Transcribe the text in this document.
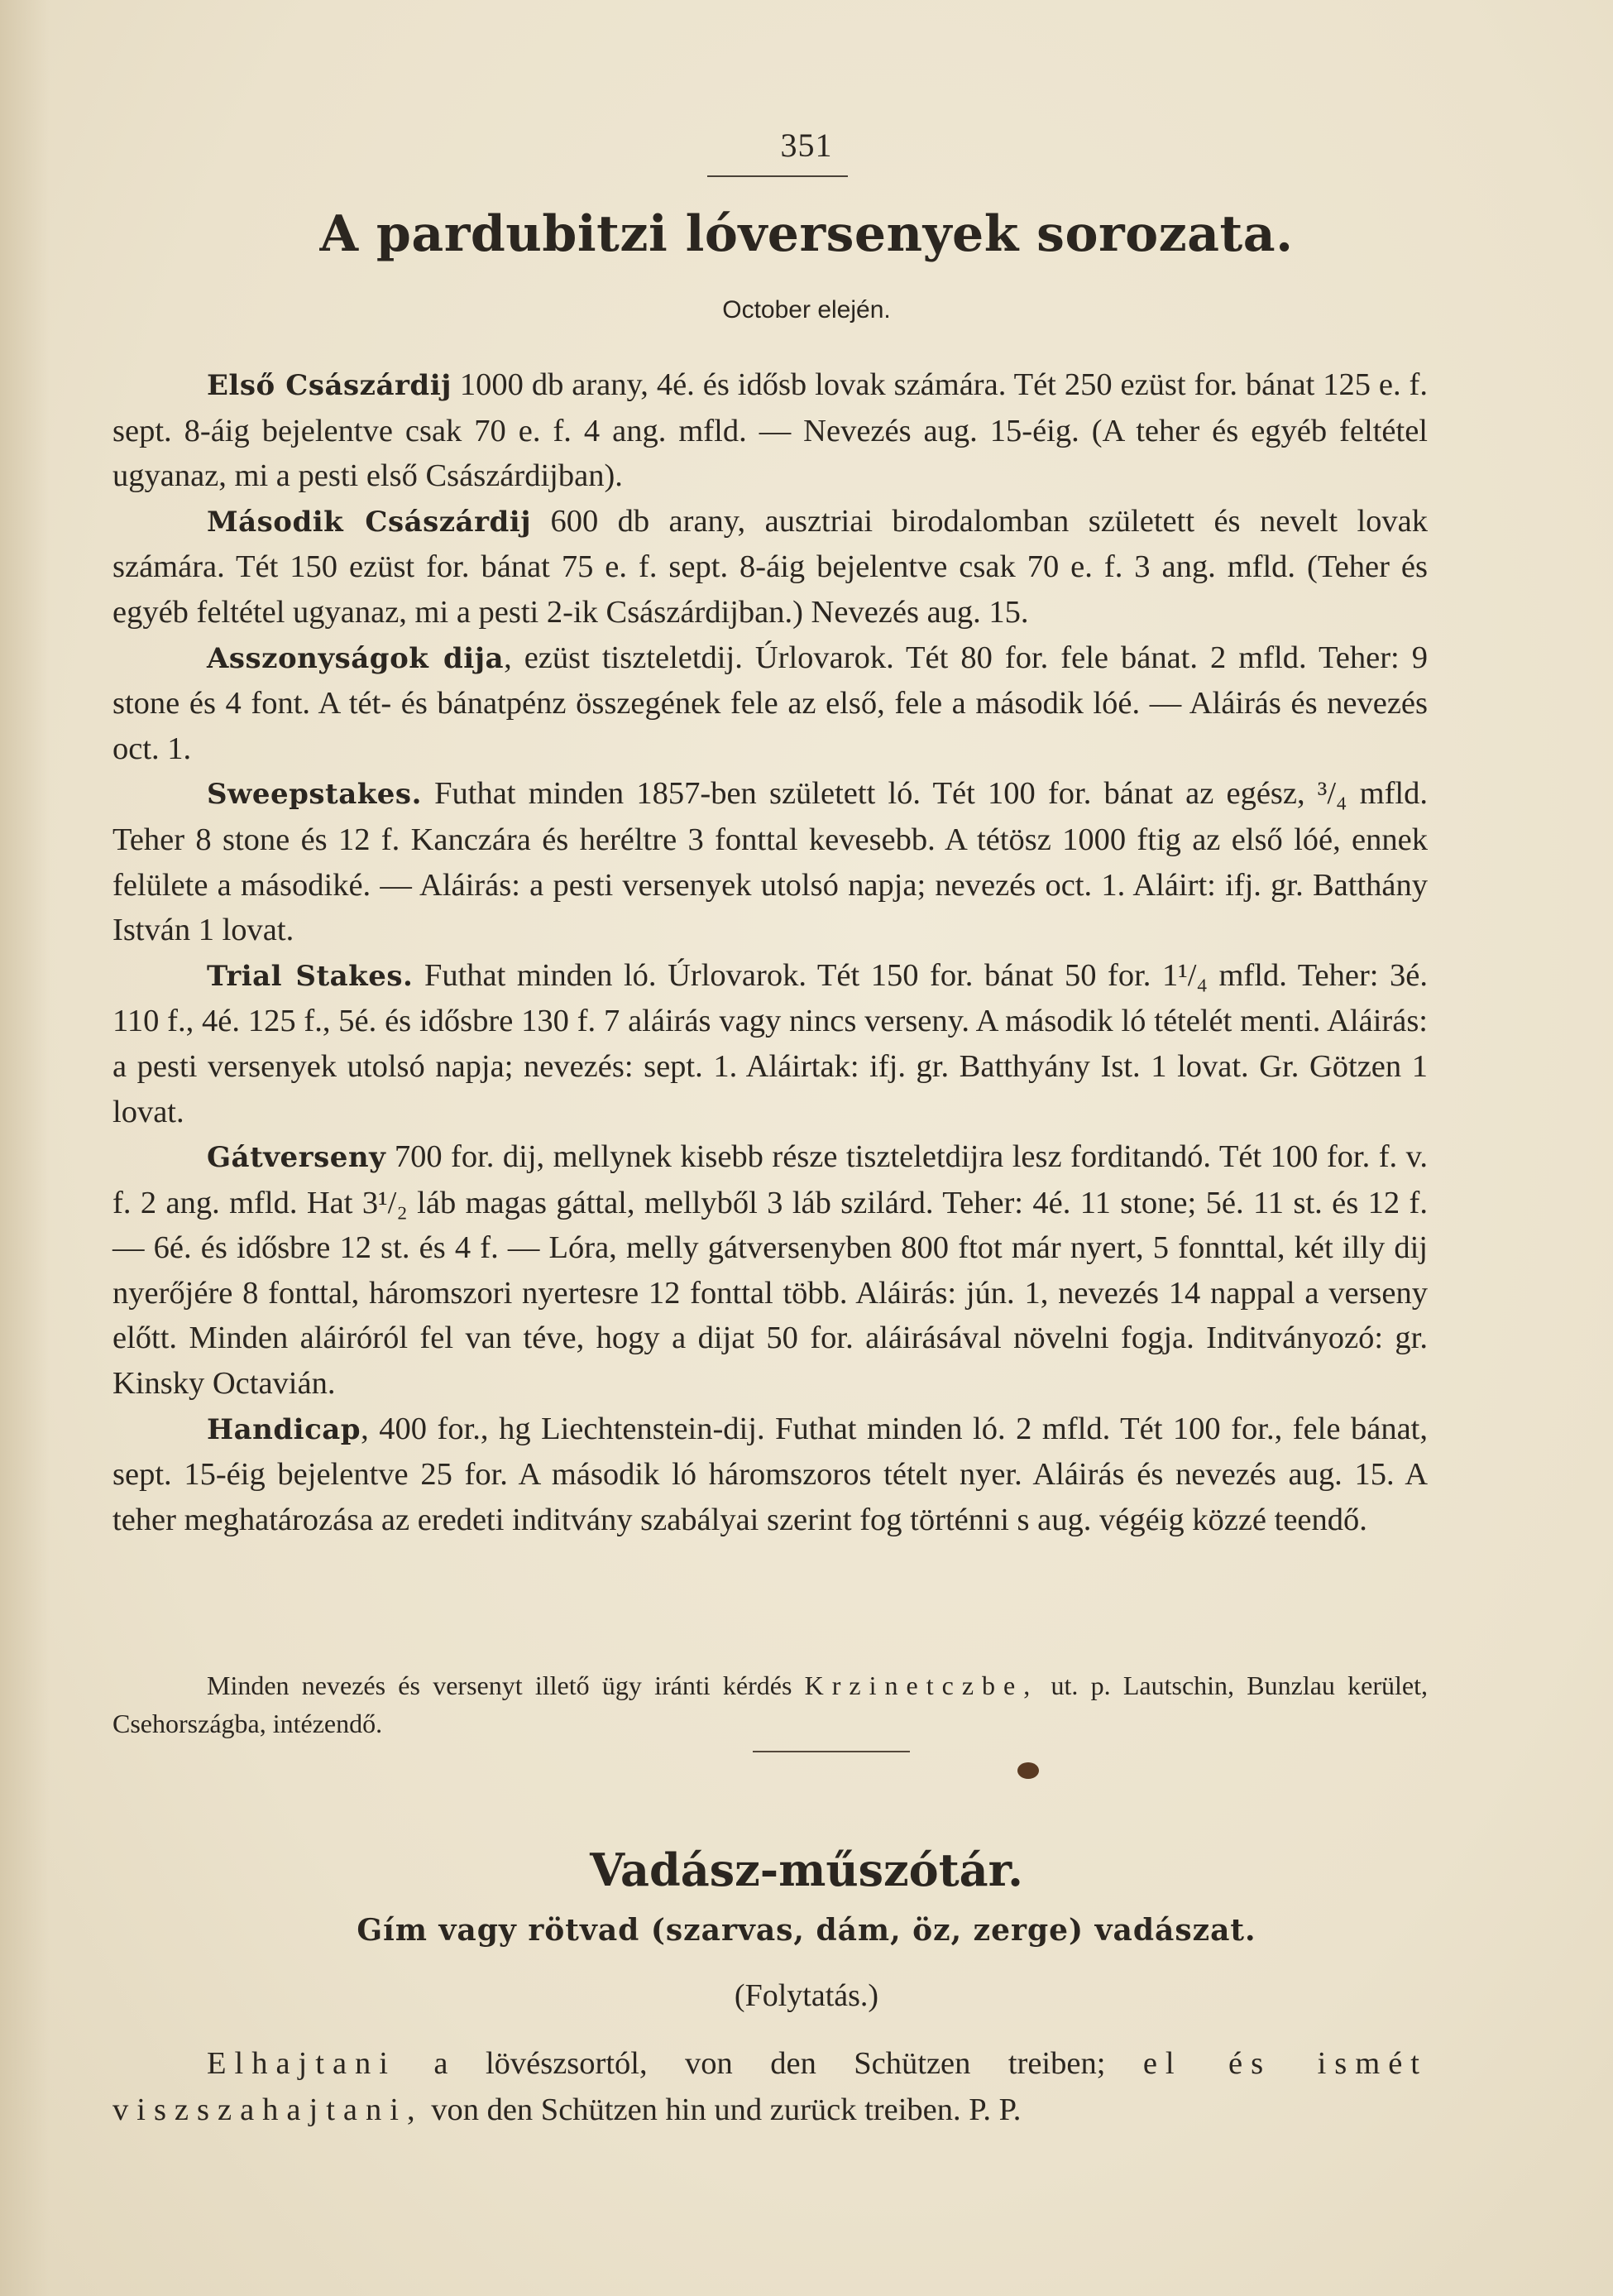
351
A pardubitzi lóversenyek sorozata.
October elején.

Első Császárdij 1000 db arany, 4é. és idősb lovak számára. Tét 250 ezüst for. bánat 125 e. f. sept. 8-áig bejelentve csak 70 e. f. 4 ang. mfld. — Nevezés aug. 15-éig. (A teher és egyéb feltétel ugyanaz, mi a pesti első Császárdijban).

Második Császárdij 600 db arany, ausztriai birodalomban született és nevelt lovak számára. Tét 150 ezüst for. bánat 75 e. f. sept. 8-áig bejelentve csak 70 e. f. 3 ang. mfld. (Teher és egyéb feltétel ugyanaz, mi a pesti 2-ik Császárdijban.) Nevezés aug. 15.

Asszonyságok dija, ezüst tiszteletdij. Úrlovarok. Tét 80 for. fele bánat. 2 mfld. Teher: 9 stone és 4 font. A tét- és bánatpénz összegének fele az első, fele a második lóé. — Aláirás és nevezés oct. 1.

Sweepstakes. Futhat minden 1857-ben született ló. Tét 100 for. bánat az egész, ³/₄ mfld. Teher 8 stone és 12 f. Kanczára és heréltre 3 fonttal kevesebb. A tétösz 1000 ftig az első lóé, ennek felülete a másodiké. — Aláirás: a pesti versenyek utolsó napja; nevezés oct. 1. Aláirt: ifj. gr. Batthány István 1 lovat.

Trial Stakes. Futhat minden ló. Úrlovarok. Tét 150 for. bánat 50 for. 1¹/₄ mfld. Teher: 3é. 110 f., 4é. 125 f., 5é. és idősbre 130 f. 7 aláirás vagy nincs verseny. A második ló tételét menti. Aláirás: a pesti versenyek utolsó napja; nevezés: sept. 1. Aláirtak: ifj. gr. Batthyány Ist. 1 lovat. Gr. Götzen 1 lovat.

Gátverseny 700 for. dij, mellynek kisebb része tiszteletdijra lesz forditandó. Tét 100 for. f. v. f. 2 ang. mfld. Hat 3¹/₂ láb magas gáttal, mellyből 3 láb szilárd. Teher: 4é. 11 stone; 5é. 11 st. és 12 f. — 6é. és idősbre 12 st. és 4 f. — Lóra, melly gátversenyben 800 ftot már nyert, 5 fonnttal, két illy dij nyerőjére 8 fonttal, háromszori nyertesre 12 fonttal több. Aláirás: jún. 1, nevezés 14 nappal a verseny előtt. Minden aláiróról fel van téve, hogy a dijat 50 for. aláirásával növelni fogja. Inditványozó: gr. Kinsky Octavián.

Handicap, 400 for., hg Liechtenstein-dij. Futhat minden ló. 2 mfld. Tét 100 for., fele bánat, sept. 15-éig bejelentve 25 for. A második ló háromszoros tételt nyer. Aláirás és nevezés aug. 15. A teher meghatározása az eredeti inditvány szabályai szerint fog történni s aug. végéig közzé teendő.

Minden nevezés és versenyt illető ügy iránti kérdés Krzinetczbe, ut. p. Lautschin, Bunzlau kerület, Csehországba, intézendő.

Vadász-műszótár.
Gím vagy rötvad (szarvas, dám, öz, zerge) vadászat.
(Folytatás.)

Elhajtani a lövészsortól, von den Schützen treiben; el és ismét viszszahajtani, von den Schützen hin und zurück treiben. P. P.
